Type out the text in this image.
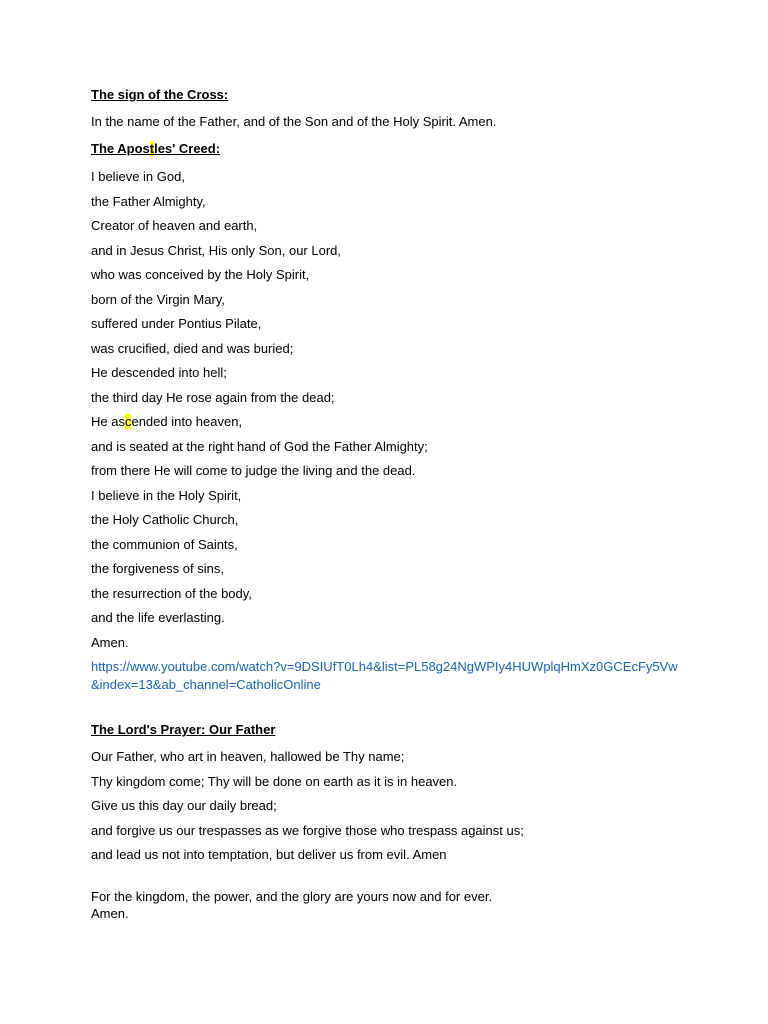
The sign of the Cross:
In the name of the Father, and of the Son and of the Holy Spirit. Amen.
The Apostles' Creed:
I believe in God,
the Father Almighty,
Creator of heaven and earth,
and in Jesus Christ, His only Son, our Lord,
who was conceived by the Holy Spirit,
born of the Virgin Mary,
suffered under Pontius Pilate,
was crucified, died and was buried;
He descended into hell;
the third day He rose again from the dead;
He ascended into heaven,
and is seated at the right hand of God the Father Almighty;
from there He will come to judge the living and the dead.
I believe in the Holy Spirit,
the Holy Catholic Church,
the communion of Saints,
the forgiveness of sins,
the resurrection of the body,
and the life everlasting.
Amen.
https://www.youtube.com/watch?v=9DSIUfT0Lh4&list=PL58g24NgWPIy4HUWplqHmXz0GCEcFy5Vw&index=13&ab_channel=CatholicOnline
The Lord's Prayer: Our Father
Our Father, who art in heaven, hallowed be Thy name;
Thy kingdom come; Thy will be done on earth as it is in heaven.
Give us this day our daily bread;
and forgive us our trespasses as we forgive those who trespass against us;
and lead us not into temptation, but deliver us from evil. Amen
For the kingdom, the power, and the glory are yours now and for ever.
Amen.
